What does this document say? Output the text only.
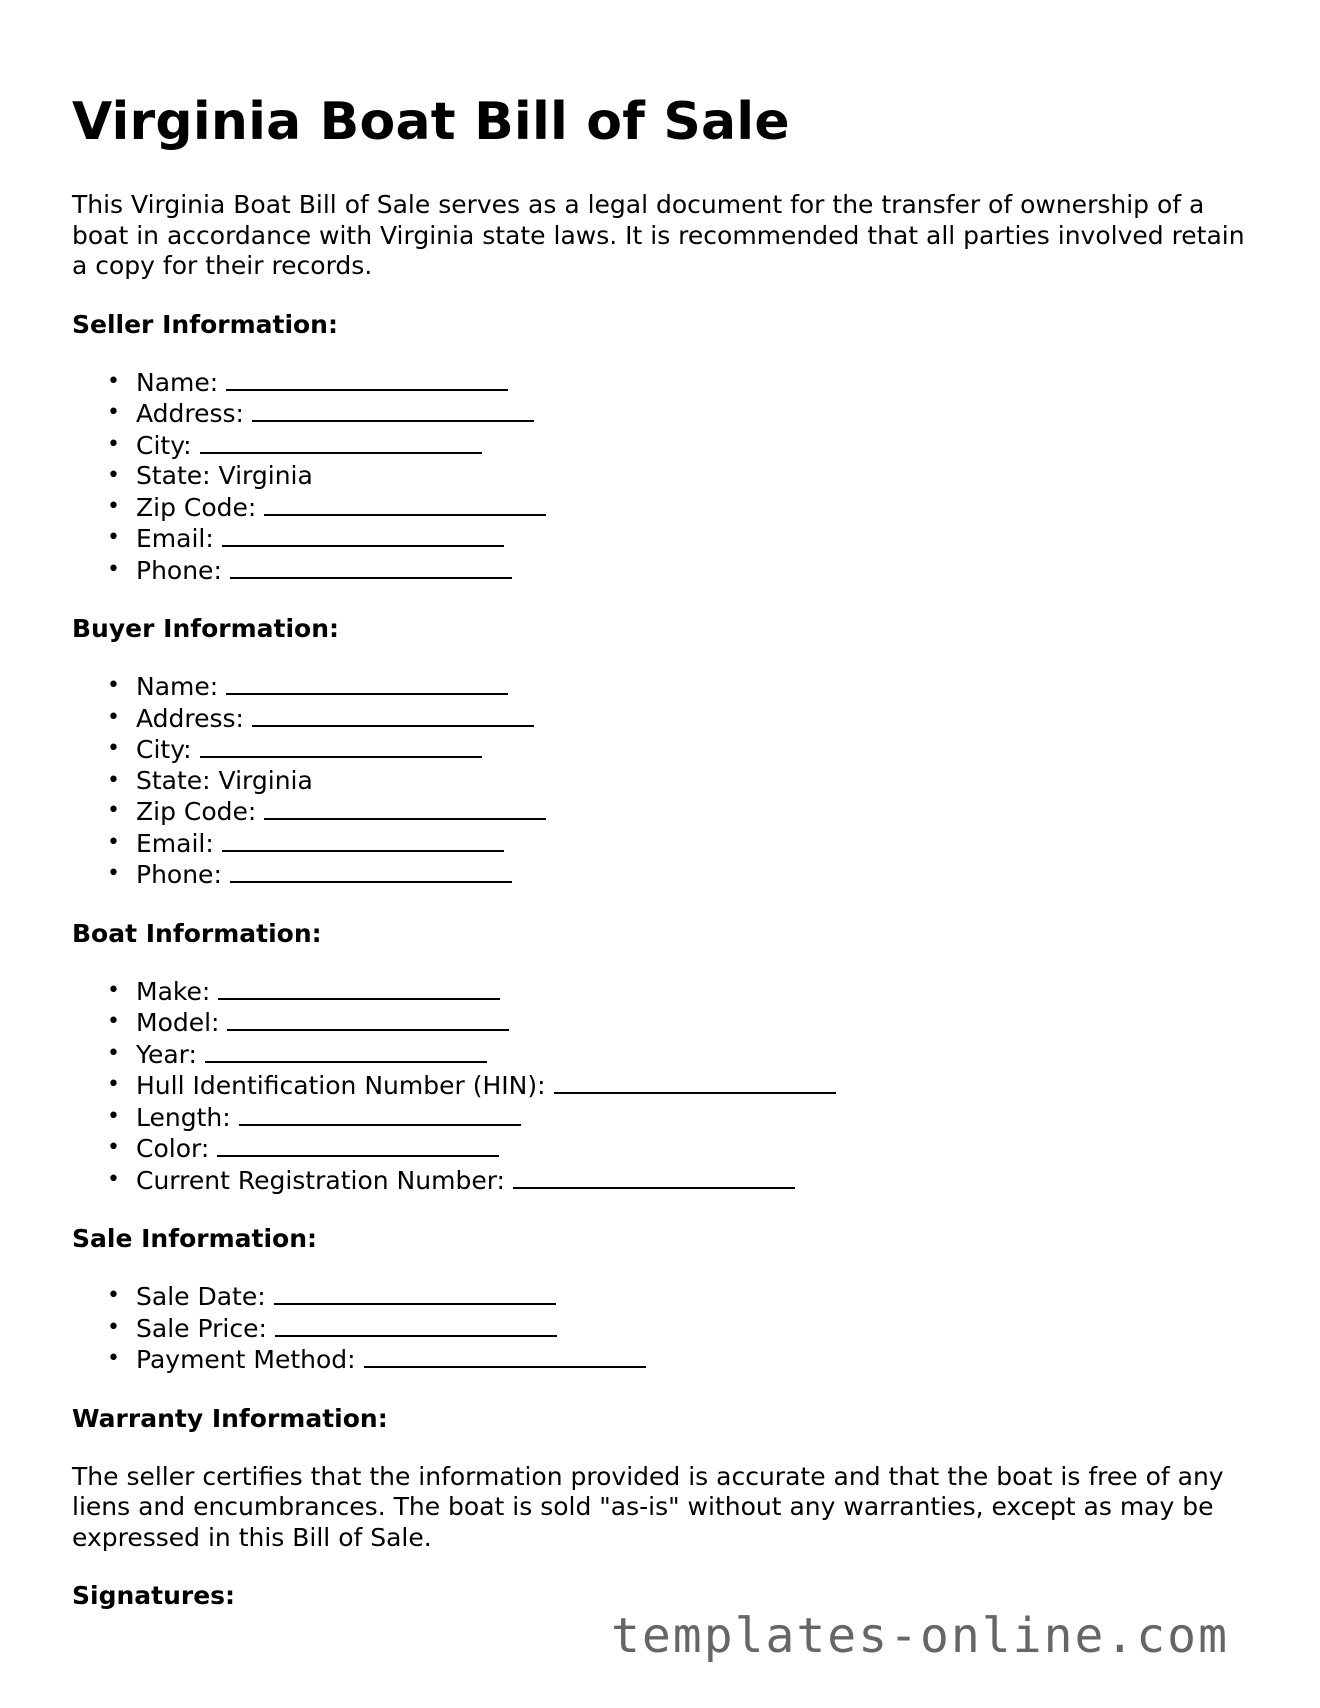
Virginia Boat Bill of Sale

This Virginia Boat Bill of Sale serves as a legal document for the transfer of ownership of a boat in accordance with Virginia state laws. It is recommended that all parties involved retain a copy for their records.

Seller Information:
• Name:
• Address:
• City:
• State: Virginia
• Zip Code:
• Email:
• Phone:
Buyer Information:
• Name:
• Address:
• City:
• State: Virginia
• Zip Code:
• Email:
• Phone:
Boat Information:
• Make:
• Model:
• Year:
• Hull Identification Number (HIN):
• Length:
• Color:
• Current Registration Number:
Sale Information:
• Sale Date:
• Sale Price:
• Payment Method:
Warranty Information:

The seller certifies that the information provided is accurate and that the boat is free of any liens and encumbrances. The boat is sold "as-is" without any warranties, except as may be expressed in this Bill of Sale.

Signatures:
templates-online.com
